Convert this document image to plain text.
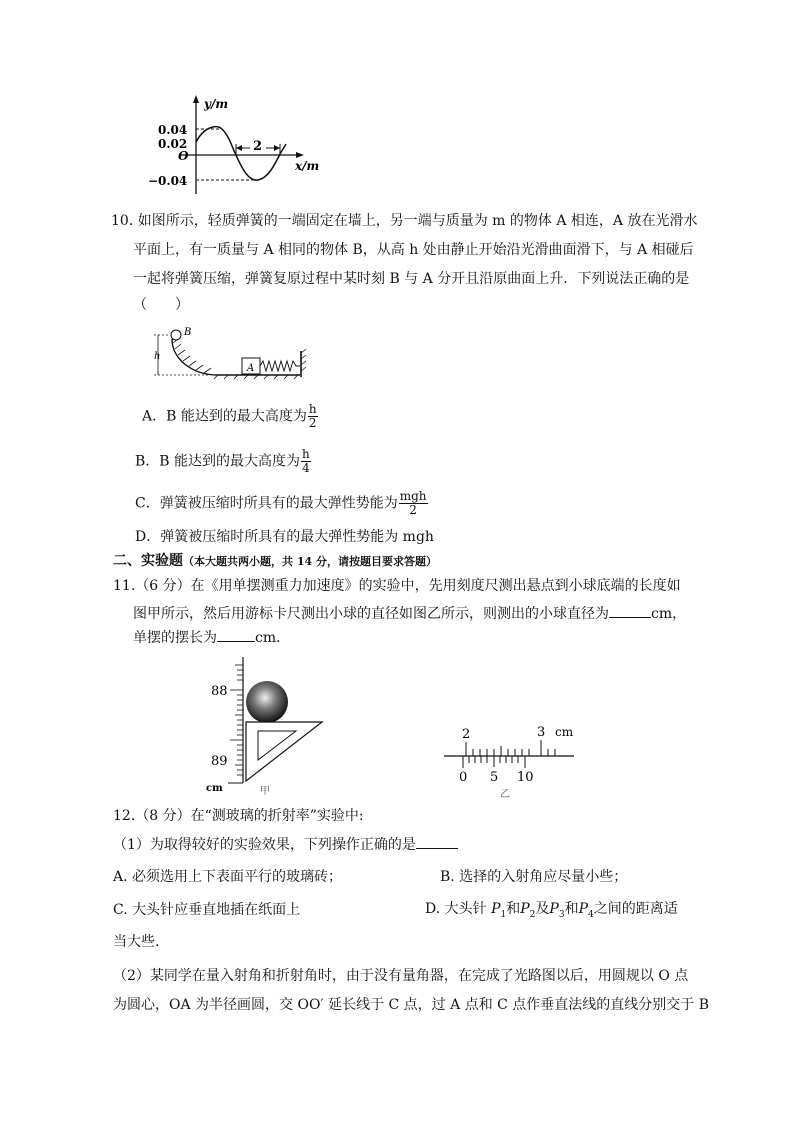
2
y/m
x/m
0.04
0.02
O
−0.04
10. 如图所示，轻质弹簧的一端固定在墙上，另一端与质量为 m 的物体 A 相连，A 放在光滑水
平面上，有一质量与 A 相同的物体 B，从高 h 处由静止开始沿光滑曲面滑下，与 A 相碰后
一起将弹簧压缩，弹簧复原过程中某时刻 B 与 A 分开且沿原曲面上升．下列说法正确的是
（　　）
B
h
A
A．B 能达到的最大高度为 $\frac{h}{2}$
B．B 能达到的最大高度为 $\frac{h}{4}$
C．弹簧被压缩时所具有的最大弹性势能为 $\frac{\text{mgh}}{2}$
D．弹簧被压缩时所具有的最大弹性势能为 mgh
二、实验题（本大题共两小题，共 14 分，请按题目要求答题）
11.（6 分）在《用单摆测重力加速度》的实验中，先用刻度尺测出悬点到小球底端的长度如
图甲所示，然后用游标卡尺测出小球的直径如图乙所示，则测出的小球直径为	cm，
单摆的摆长为	cm．
88
89
cm	甲
2	3 cm
0 5 10
乙
12.（8 分）在“测玻璃的折射率”实验中:
（1）为取得较好的实验效果，下列操作正确的是
A. 必须选用上下表面平行的玻璃砖；	B. 选择的入射角应尽量小些；
C. 大头针应垂直地插在纸面上	D. 大头针 $P_1$和$P_2$及$P_3$和$P_4$之间的距离适
当大些.
（2）某同学在量入射角和折射角时，由于没有量角器，在完成了光路图以后，用圆规以 O 点
为圆心，OA 为半径画圆，交 OO′ 延长线于 C 点，过 A 点和 C 点作垂直法线的直线分别交于 B
